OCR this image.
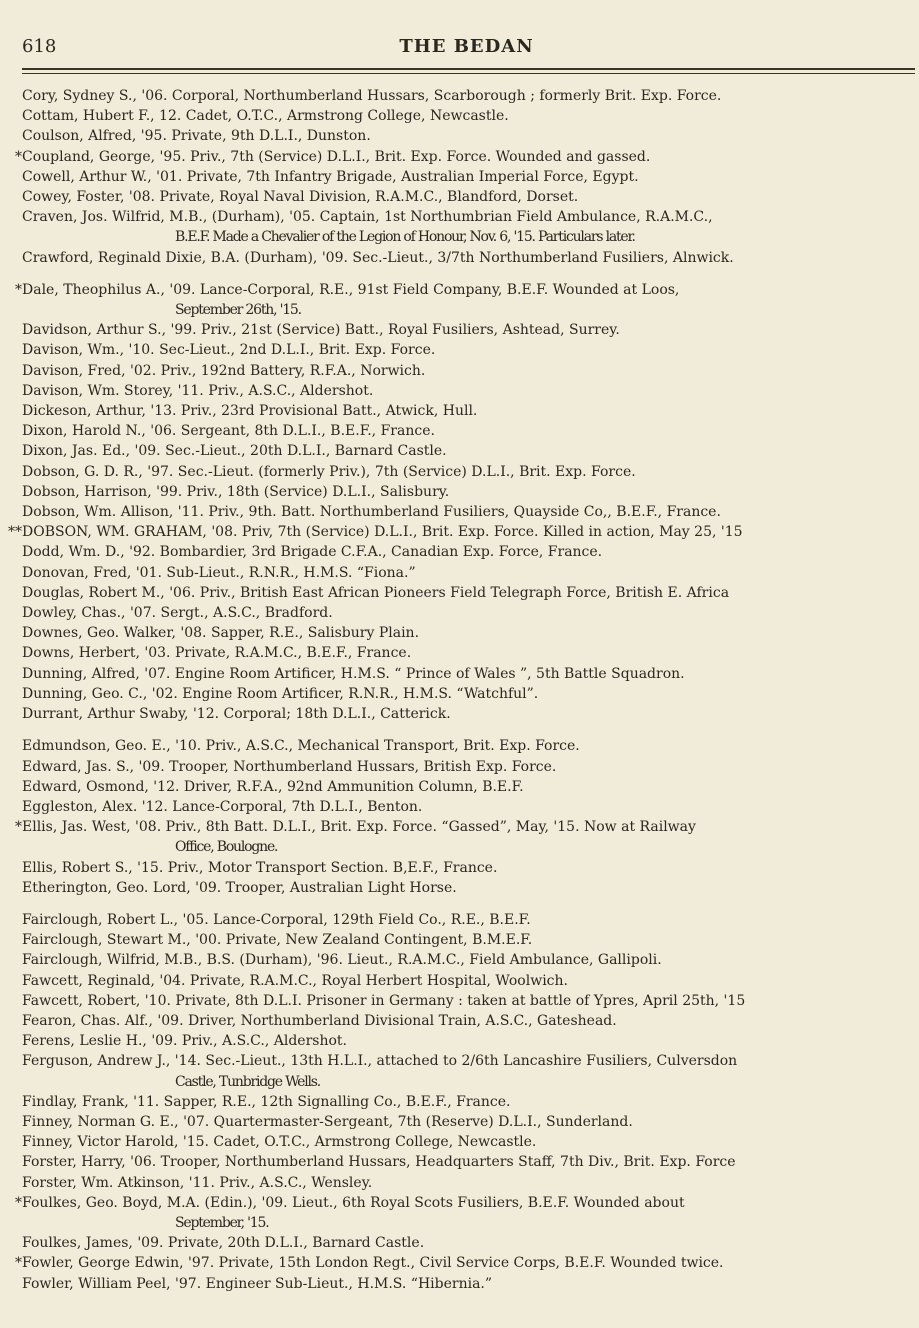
618	THE BEDAN
Cory, Sydney S., '06. Corporal, Northumberland Hussars, Scarborough ; formerly Brit. Exp. Force.
Cottam, Hubert F., 12. Cadet, O.T.C., Armstrong College, Newcastle.
Coulson, Alfred, '95. Private, 9th D.L.I., Dunston.
* Coupland, George, '95. Priv., 7th (Service) D.L.I., Brit. Exp. Force. Wounded and gassed.
Cowell, Arthur W., '01. Private, 7th Infantry Brigade, Australian Imperial Force, Egypt.
Cowey, Foster, '08. Private, Royal Naval Division, R.A.M.C., Blandford, Dorset.
Craven, Jos. Wilfrid, M.B., (Durham), '05. Captain, 1st Northumbrian Field Ambulance, R.A.M.C.,
B.E.F. Made a Chevalier of the Legion of Honour, Nov. 6, '15. Particulars later.
Crawford, Reginald Dixie, B.A. (Durham), '09. Sec.-Lieut., 3/7th Northumberland Fusiliers, Alnwick.
* Dale, Theophilus A., '09. Lance-Corporal, R.E., 91st Field Company, B.E.F. Wounded at Loos,
September 26th, '15.
Davidson, Arthur S., '99. Priv., 21st (Service) Batt., Royal Fusiliers, Ashtead, Surrey.
Davison, Wm., '10. Sec-Lieut., 2nd D.L.I., Brit. Exp. Force.
Davison, Fred, '02. Priv., 192nd Battery, R.F.A., Norwich.
Davison, Wm. Storey, '11. Priv., A.S.C., Aldershot.
Dickeson, Arthur, '13. Priv., 23rd Provisional Batt., Atwick, Hull.
Dixon, Harold N., '06. Sergeant, 8th D.L.I., B.E.F., France.
Dixon, Jas. Ed., '09. Sec.-Lieut., 20th D.L.I., Barnard Castle.
Dobson, G. D. R., '97. Sec.-Lieut. (formerly Priv.), 7th (Service) D.L.I., Brit. Exp. Force.
Dobson, Harrison, '99. Priv., 18th (Service) D.L.I., Salisbury.
Dobson, Wm. Allison, '11. Priv., 9th. Batt. Northumberland Fusiliers, Quayside Co,, B.E.F., France.
** DOBSON, WM. GRAHAM, '08. Priv, 7th (Service) D.L.I., Brit. Exp. Force. Killed in action, May 25, '15
Dodd, Wm. D., '92. Bombardier, 3rd Brigade C.F.A., Canadian Exp. Force, France.
Donovan, Fred, '01. Sub-Lieut., R.N.R., H.M.S. “Fiona.”
Douglas, Robert M., '06. Priv., British East African Pioneers Field Telegraph Force, British E. Africa
Dowley, Chas., '07. Sergt., A.S.C., Bradford.
Downes, Geo. Walker, '08. Sapper, R.E., Salisbury Plain.
Downs, Herbert, '03. Private, R.A.M.C., B.E.F., France.
Dunning, Alfred, '07. Engine Room Artificer, H.M.S. “ Prince of Wales ”, 5th Battle Squadron.
Dunning, Geo. C., '02. Engine Room Artificer, R.N.R., H.M.S. “Watchful”.
Durrant, Arthur Swaby, '12. Corporal; 18th D.L.I., Catterick.
Edmundson, Geo. E., '10. Priv., A.S.C., Mechanical Transport, Brit. Exp. Force.
Edward, Jas. S., '09. Trooper, Northumberland Hussars, British Exp. Force.
Edward, Osmond, '12. Driver, R.F.A., 92nd Ammunition Column, B.E.F.
Eggleston, Alex. '12. Lance-Corporal, 7th D.L.I., Benton.
* Ellis, Jas. West, '08. Priv., 8th Batt. D.L.I., Brit. Exp. Force. “Gassed”, May, '15. Now at Railway
Office, Boulogne.
Ellis, Robert S., '15. Priv., Motor Transport Section. B,E.F., France.
Etherington, Geo. Lord, '09. Trooper, Australian Light Horse.
Fairclough, Robert L., '05. Lance-Corporal, 129th Field Co., R.E., B.E.F.
Fairclough, Stewart M., '00. Private, New Zealand Contingent, B.M.E.F.
Fairclough, Wilfrid, M.B., B.S. (Durham), '96. Lieut., R.A.M.C., Field Ambulance, Gallipoli.
Fawcett, Reginald, '04. Private, R.A.M.C., Royal Herbert Hospital, Woolwich.
Fawcett, Robert, '10. Private, 8th D.L.I. Prisoner in Germany : taken at battle of Ypres, April 25th, '15
Fearon, Chas. Alf., '09. Driver, Northumberland Divisional Train, A.S.C., Gateshead.
Ferens, Leslie H., '09. Priv., A.S.C., Aldershot.
Ferguson, Andrew J., '14. Sec.-Lieut., 13th H.L.I., attached to 2/6th Lancashire Fusiliers, Culversdon
Castle, Tunbridge Wells.
Findlay, Frank, '11. Sapper, R.E., 12th Signalling Co., B.E.F., France.
Finney, Norman G. E., '07. Quartermaster-Sergeant, 7th (Reserve) D.L.I., Sunderland.
Finney, Victor Harold, '15. Cadet, O.T.C., Armstrong College, Newcastle.
Forster, Harry, '06. Trooper, Northumberland Hussars, Headquarters Staff, 7th Div., Brit. Exp. Force
Forster, Wm. Atkinson, '11. Priv., A.S.C., Wensley.
* Foulkes, Geo. Boyd, M.A. (Edin.), '09. Lieut., 6th Royal Scots Fusiliers, B.E.F. Wounded about
September, '15.
Foulkes, James, '09. Private, 20th D.L.I., Barnard Castle.
* Fowler, George Edwin, '97. Private, 15th London Regt., Civil Service Corps, B.E.F. Wounded twice.
Fowler, William Peel, '97. Engineer Sub-Lieut., H.M.S. “Hibernia.”
